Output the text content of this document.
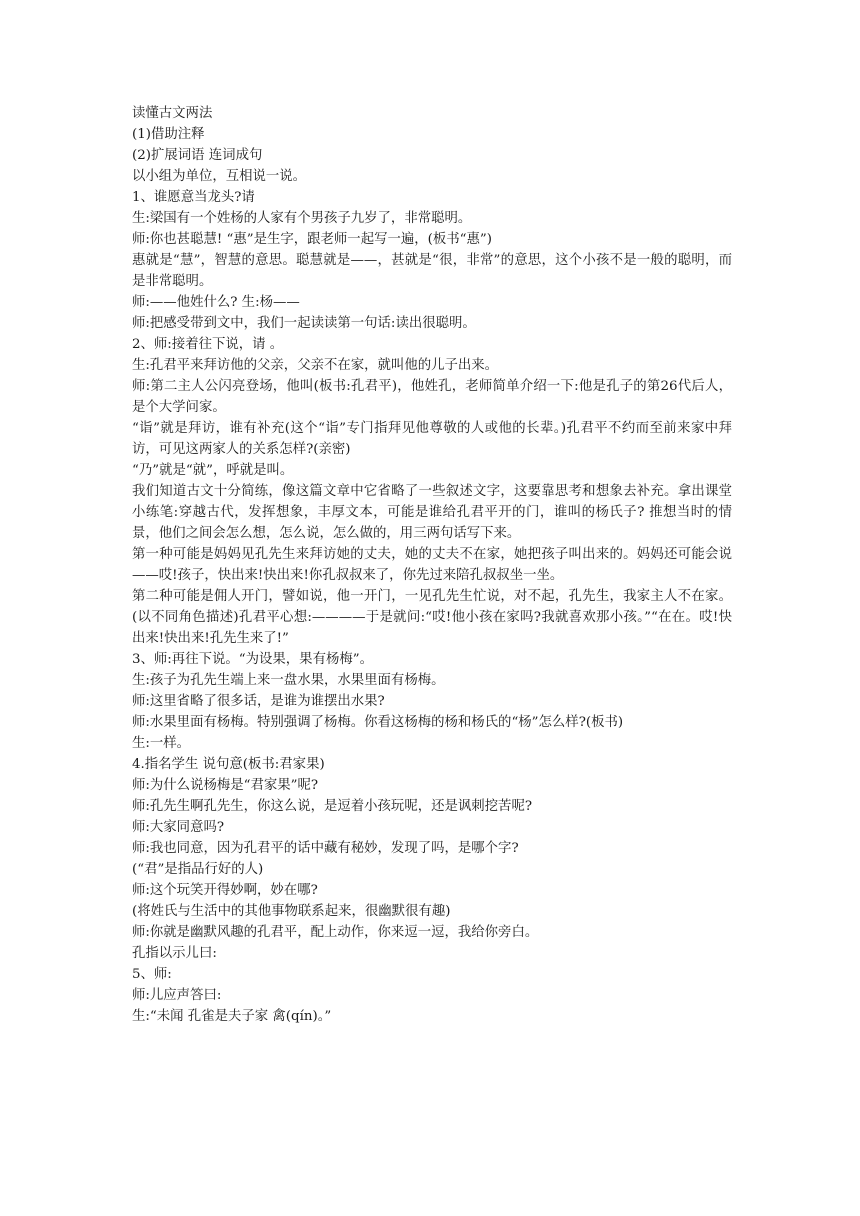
读懂古文两法

(1)借助注释

(2)扩展词语 连词成句

以小组为单位，互相说一说。

1、谁愿意当龙头?请

生:梁国有一个姓杨的人家有个男孩子九岁了，非常聪明。

师:你也甚聪慧! “惠”是生字，跟老师一起写一遍，(板书“惠”)

惠就是“慧”，智慧的意思。聪慧就是——，甚就是“很，非常”的意思，这个小孩不是一般的聪明，而是非常聪明。

师:——他姓什么? 生:杨——

师:把感受带到文中，我们一起读读第一句话:读出很聪明。

2、师:接着往下说，请 。

生:孔君平来拜访他的父亲，父亲不在家，就叫他的儿子出来。

师:第二主人公闪亮登场，他叫(板书:孔君平)，他姓孔，老师简单介绍一下:他是孔子的第26代后人，是个大学问家。

“诣”就是拜访，谁有补充(这个“诣”专门指拜见他尊敬的人或他的长辈。)孔君平不约而至前来家中拜访，可见这两家人的关系怎样?(亲密)

“乃”就是“就”，呼就是叫。

我们知道古文十分简练，像这篇文章中它省略了一些叙述文字，这要靠思考和想象去补充。拿出课堂小练笔:穿越古代，发挥想象，丰厚文本，可能是谁给孔君平开的门，谁叫的杨氏子? 推想当时的情景，他们之间会怎么想，怎么说，怎么做的，用三两句话写下来。

第一种可能是妈妈见孔先生来拜访她的丈夫，她的丈夫不在家，她把孩子叫出来的。妈妈还可能会说——哎!孩子，快出来!快出来!你孔叔叔来了，你先过来陪孔叔叔坐一坐。

第二种可能是佣人开门，譬如说，他一开门，一见孔先生忙说，对不起，孔先生，我家主人不在家。(以不同角色描述)孔君平心想:————于是就问:“哎!他小孩在家吗?我就喜欢那小孩。”“在在。哎!快出来!快出来!孔先生来了!”

3、师:再往下说。“为设果，果有杨梅”。

生:孩子为孔先生端上来一盘水果，水果里面有杨梅。

师:这里省略了很多话，是谁为谁摆出水果?

师:水果里面有杨梅。特别强调了杨梅。你看这杨梅的杨和杨氏的“杨”怎么样?(板书)

生:一样。

4.指名学生 说句意(板书:君家果)

师:为什么说杨梅是“君家果”呢?

师:孔先生啊孔先生，你这么说，是逗着小孩玩呢，还是讽刺挖苦呢?

师:大家同意吗?

师:我也同意，因为孔君平的话中藏有秘妙，发现了吗，是哪个字?

(“君”是指品行好的人)

师:这个玩笑开得妙啊，妙在哪?

(将姓氏与生活中的其他事物联系起来，很幽默很有趣)

师:你就是幽默风趣的孔君平，配上动作，你来逗一逗，我给你旁白。

孔指以示儿曰:

5、师:

师:儿应声答曰:

生:“未闻 孔雀是夫子家 禽(qín)。”
